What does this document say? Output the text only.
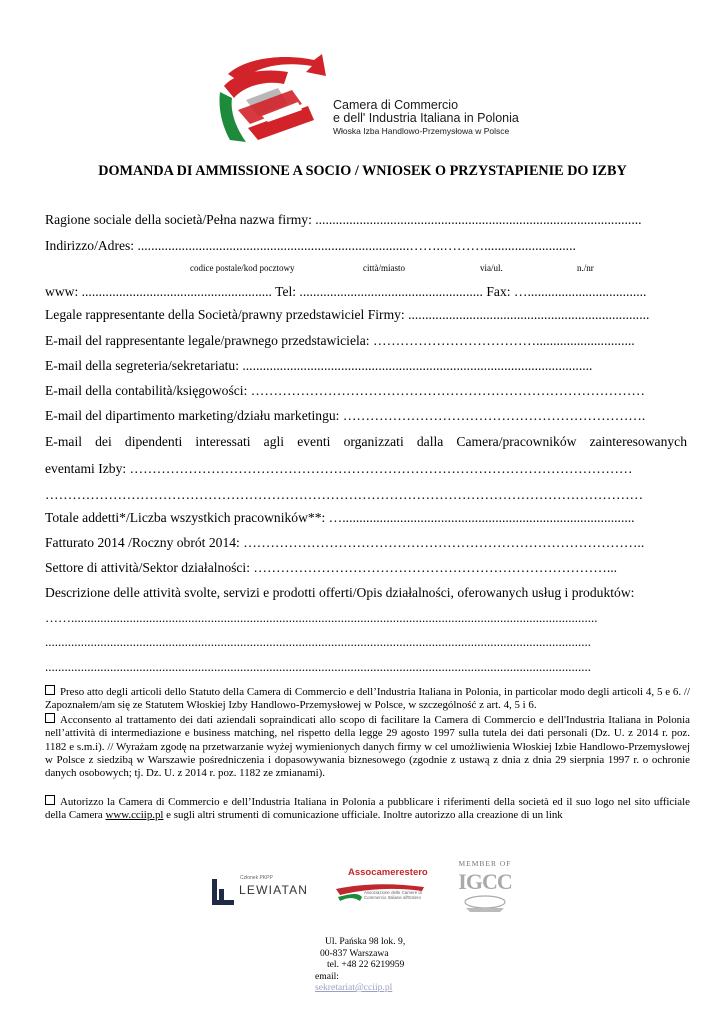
Camera di Commercio
e dell' Industria Italiana in Polonia
Włoska Izba Handlowo-Przemysłowa w Polsce
DOMANDA DI AMMISSIONE A SOCIO / WNIOSEK O PRZYSTAPIENIE DO IZBY
Ragione sociale della società/Pełna nazwa firmy: ................................................................................................
Indirizzo/Adres: ................................................................................……..………...........................
codice postale/kod pocztowy	città/miasto	via/ul.	n./nr
www: ........................................................ Tel: ...................................................... Fax: …...................................
Legale rappresentante della Società/prawny przedstawiciel Firmy: .......................................................................
E-mail del rappresentante legale/prawnego przedstawiciela: ……………………………….............................
E-mail della segreteria/sekretariatu: .......................................................................................................
E-mail della contabilità/księgowości: ……………………………………………………………………………
E-mail del dipartimento marketing/działu marketingu: ………………………………………………………….
E-mail dei dipendenti interessati agli eventi organizzati dalla Camera/pracowników zainteresowanych
eventami Izby: …………………………………………………………………………………………………
……………………………………………………………………………………………………………………
Totale addetti*/Liczba wszystkich pracowników**: …......................................................................................
Fatturato 2014 /Roczny obrót 2014: ……………………………………………………………………………..
Settore di attività/Sektor działalności: ……………………………………………………………………...
Descrizione delle attività svolte, servizi e prodotti offerti/Opis działalności, oferowanych usług i produktów:
……..................................................................................................................................................................
........................................................................................................................................................................
........................................................................................................................................................................
Preso atto degli articoli dello Statuto della Camera di Commercio e dell’Industria Italiana in Polonia, in particolar modo degli articoli 4, 5 e 6. // Zapoznałem/am się ze Statutem Włoskiej Izby Handlowo-Przemysłowej w Polsce, w szczególność z art. 4, 5 i 6.
Acconsento al trattamento dei dati aziendali sopraindicati allo scopo di facilitare la Camera di Commercio e dell'Industria Italiana in Polonia nell’attività di intermediazione e business matching, nel rispetto della legge 29 agosto 1997 sulla tutela dei dati personali (Dz. U. z 2014 r. poz. 1182 e s.m.i). // Wyrażam zgodę na przetwarzanie wyżej wymienionych danych firmy w cel umożliwienia Włoskiej Izbie Handlowo-Przemysłowej w Polsce z siedzibą w Warszawie pośredniczenia i dopasowywania biznesowego (zgodnie z ustawą z dnia z dnia 29 sierpnia 1997 r. o ochronie danych osobowych; tj. Dz. U. z 2014 r. poz. 1182 ze zmianami).
Autorizzo la Camera di Commercio e dell’Industria Italiana in Polonia a pubblicare i riferimenti della società ed il suo logo nel sito ufficiale della Camera www.cciip.pl e sugli altri strumenti di comunicazione ufficiale. Inoltre autorizzo alla creazione di un link
Członek PKPP
LEWIATAN
Assocamerestero
Associazione delle Camere di Commercio Italiane all'Estero
MEMBER OF
IGCC
Ul. Pańska 98 lok. 9,
00-837 Warszawa
tel. +48 22 6219959
email:
sekretariat@cciip.pl
